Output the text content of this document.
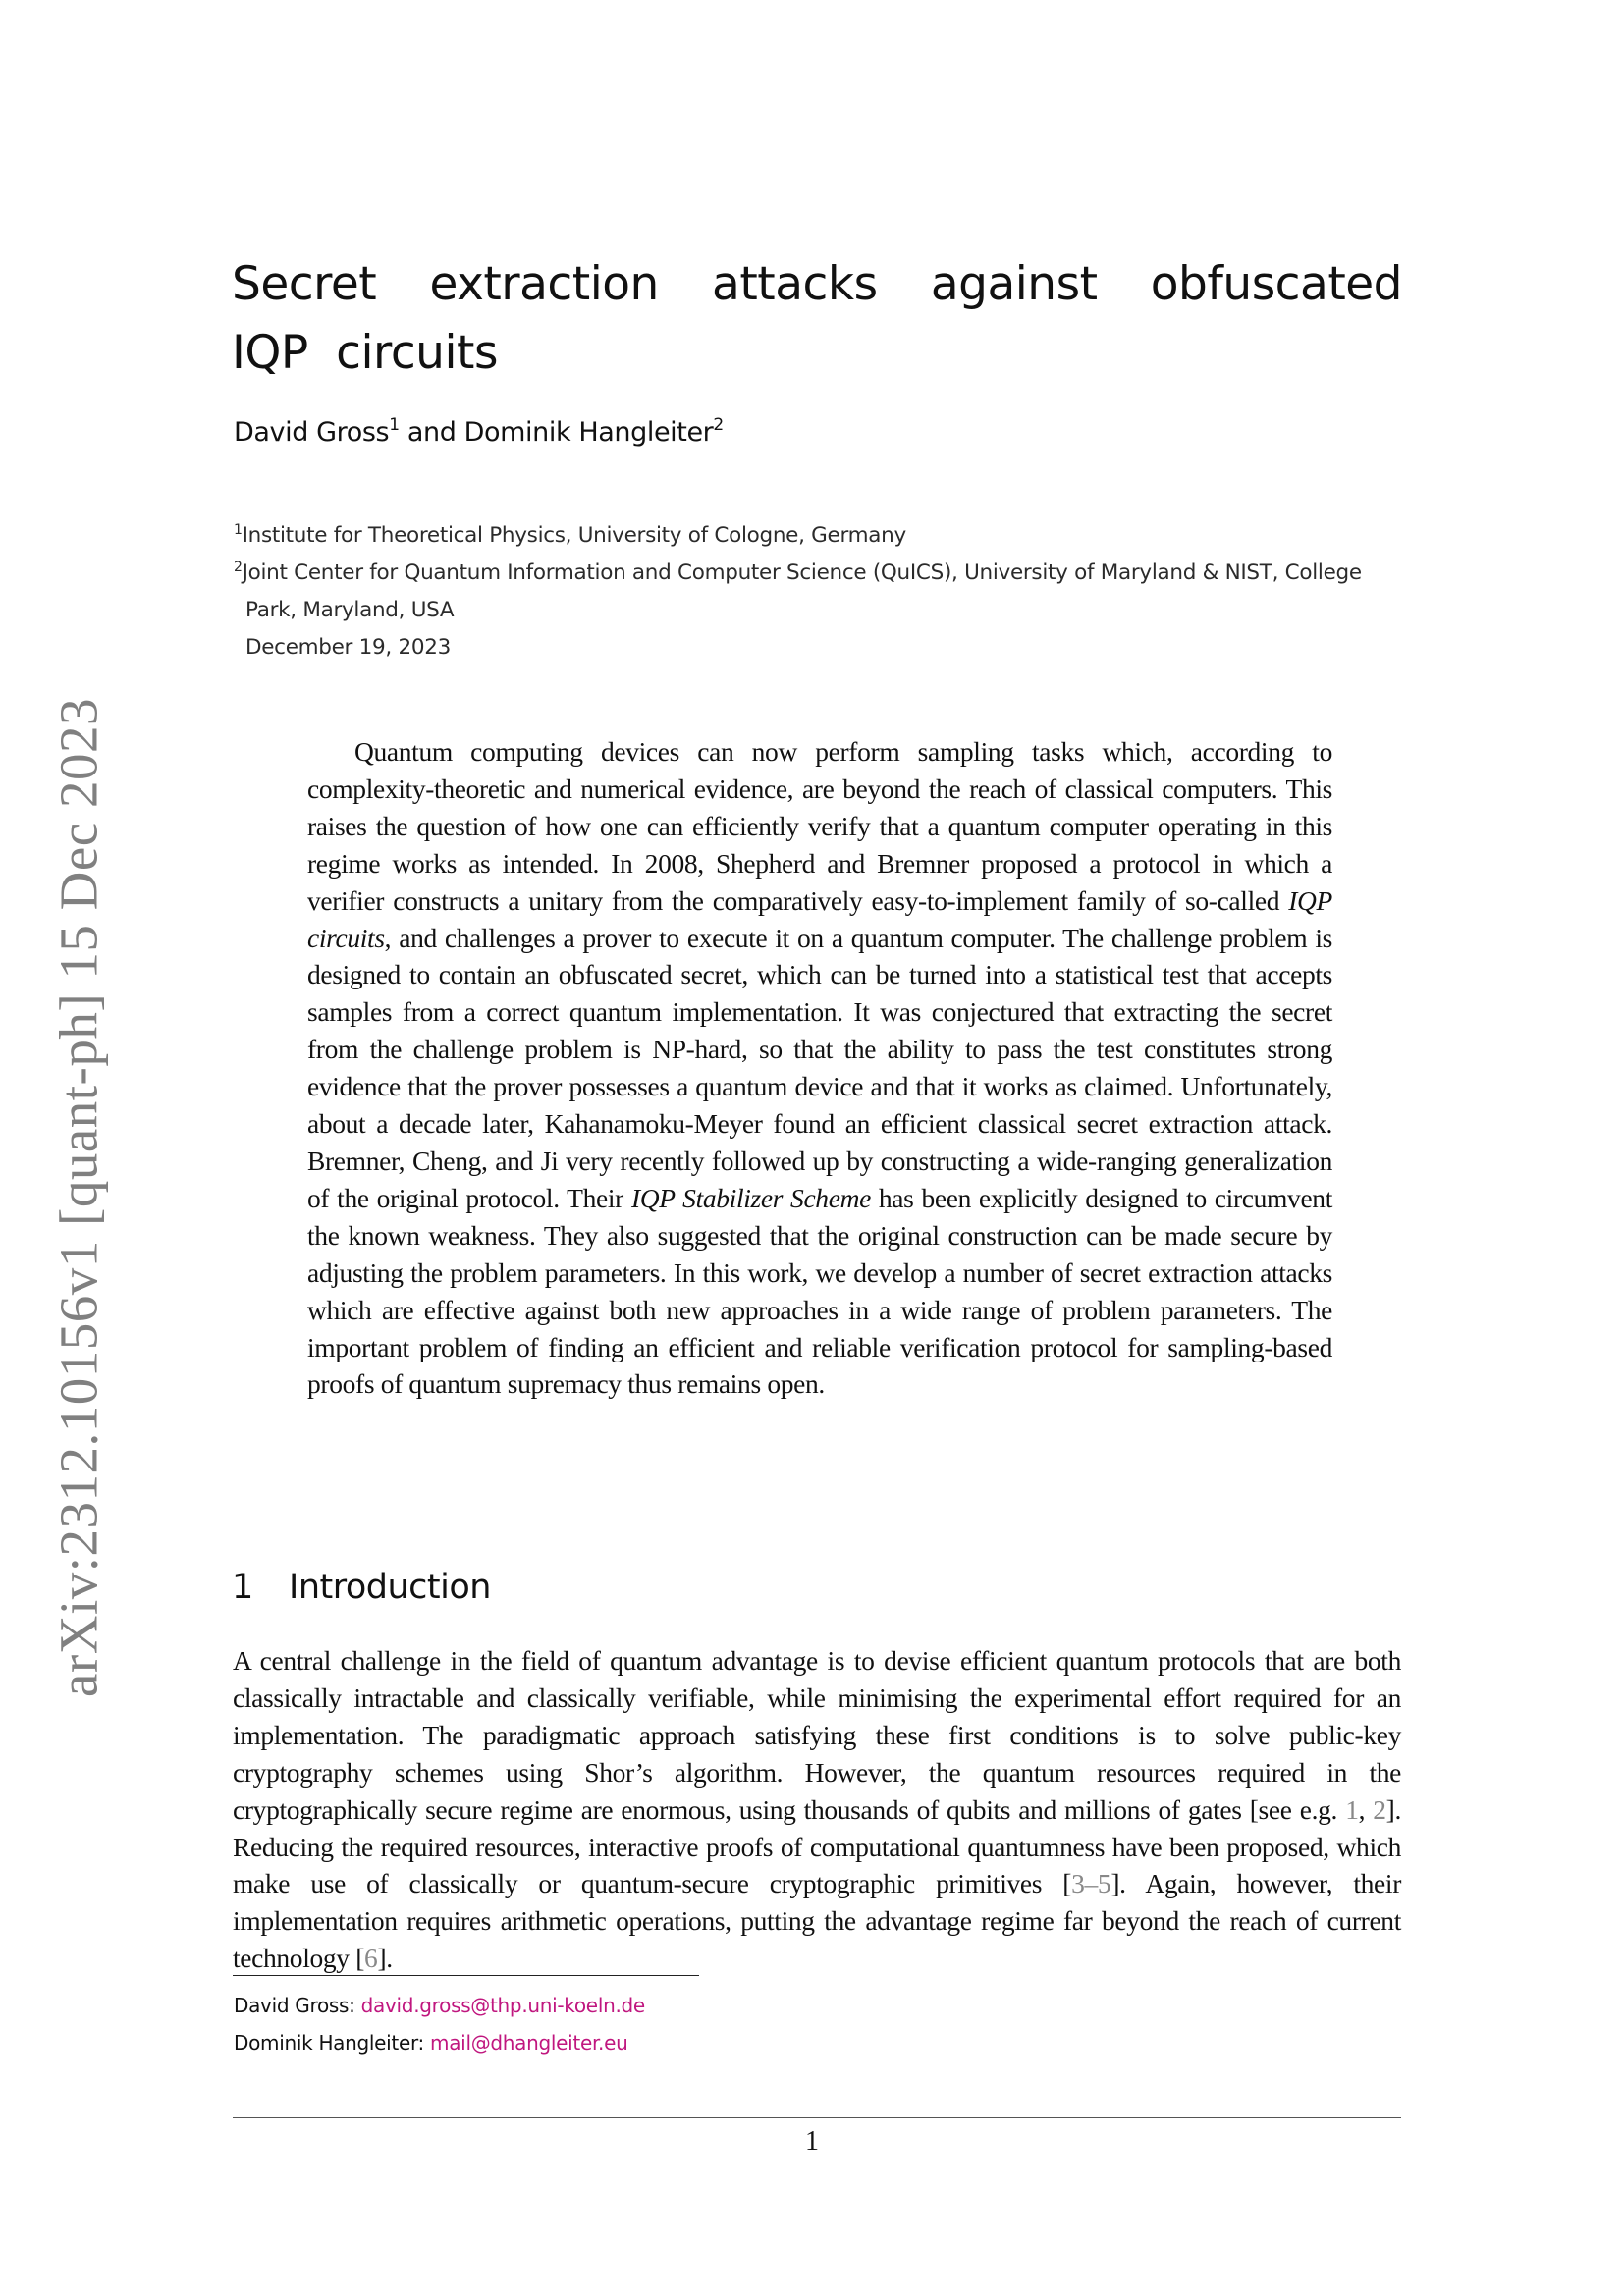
arXiv:2312.10156v1 [quant-ph] 15 Dec 2023
Secret extraction attacks against obfuscated IQP circuits
David Gross$^1$ and Dominik Hangleiter$^2$
$^1$Institute for Theoretical Physics, University of Cologne, Germany
$^2$Joint Center for Quantum Information and Computer Science (QuICS), University of Maryland & NIST, College
Park, Maryland, USA
December 19, 2023

Quantum computing devices can now perform sampling tasks which, according to complexity-theoretic and numerical evidence, are beyond the reach of classical computers. This raises the question of how one can efficiently verify that a quantum computer operating in this regime works as intended. In 2008, Shepherd and Bremner proposed a protocol in which a verifier constructs a unitary from the comparatively easy-to-implement family of so-called IQP circuits, and challenges a prover to execute it on a quantum computer. The challenge problem is designed to contain an obfuscated secret, which can be turned into a statistical test that accepts samples from a correct quantum implementation. It was conjectured that extracting the secret from the challenge problem is NP-hard, so that the ability to pass the test constitutes strong evidence that the prover possesses a quantum device and that it works as claimed. Unfortunately, about a decade later, Kahanamoku-Meyer found an efficient classical secret extraction attack. Bremner, Cheng, and Ji very recently followed up by constructing a wide-ranging generalization of the original protocol. Their IQP Stabilizer Scheme has been explicitly designed to circumvent the known weakness. They also suggested that the original construction can be made secure by adjusting the problem parameters. In this work, we develop a number of secret extraction attacks which are effective against both new approaches in a wide range of problem parameters. The important problem of finding an efficient and reliable verification protocol for sampling-based proofs of quantum supremacy thus remains open.

1 Introduction

A central challenge in the field of quantum advantage is to devise efficient quantum protocols that are both classically intractable and classically verifiable, while minimising the experimental effort required for an implementation. The paradigmatic approach satisfying these first conditions is to solve public-key cryptography schemes using Shor’s algorithm. However, the quantum resources required in the cryptographically secure regime are enormous, using thousands of qubits and millions of gates [see e.g. 1, 2]. Reducing the required resources, interactive proofs of computational quantumness have been proposed, which make use of classically or quantum-secure cryptographic primitives [3–5]. Again, however, their implementation requires arithmetic operations, putting the advantage regime far beyond the reach of current technology [6].

David Gross: david.gross@thp.uni-koeln.de
Dominik Hangleiter: mail@dhangleiter.eu
1
